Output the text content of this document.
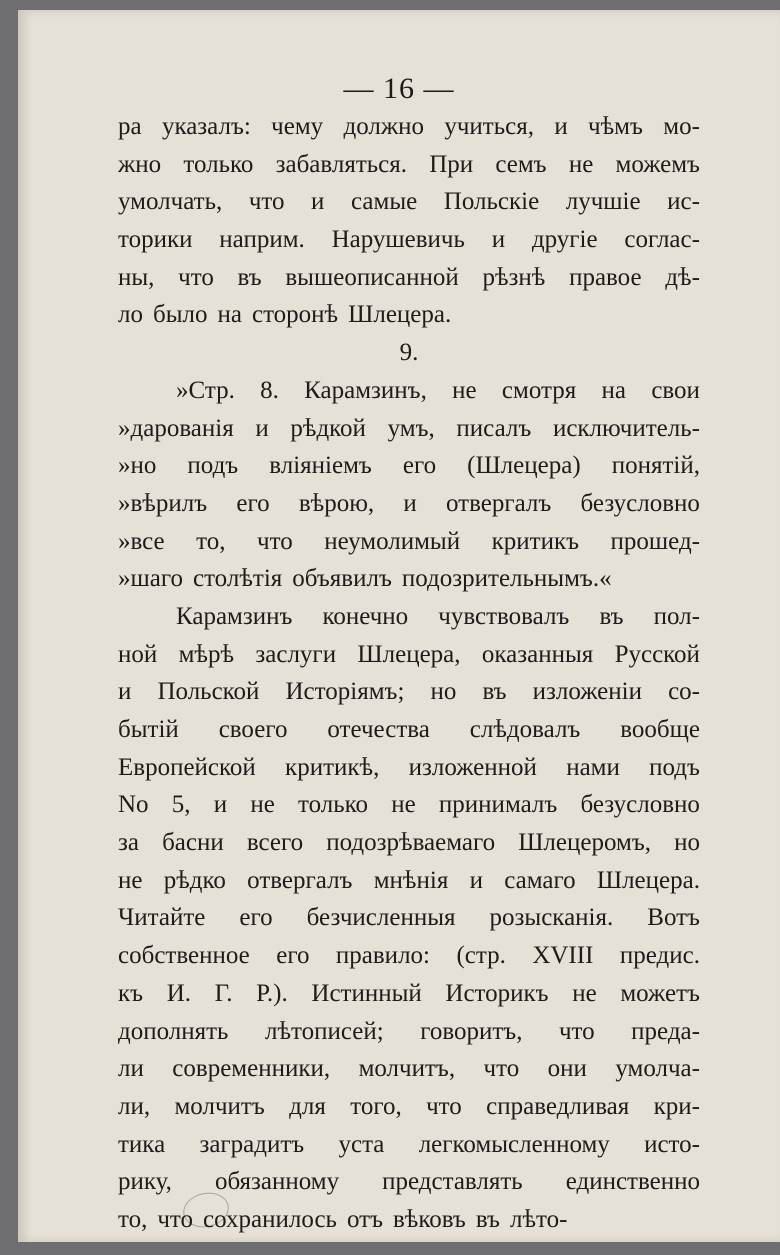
— 16 —
ра указалъ: чему должно учиться, и чѣмъ мо-
жно только забавляться. При семъ не можемъ
умолчать, что и самые Польскіе лучшіе ис-
торики наприм. Нарушевичь и другіе соглас-
ны, что въ вышеописанной рѣзнѣ правое дѣ-
ло было на сторонѣ Шлецера.
9.
»Стр. 8. Карамзинъ, не смотря на свои
»дарованія и рѣдкой умъ, писалъ исключитель-
»но подъ вліяніемъ его (Шлецера) понятій,
»вѣрилъ его вѣрою, и отвергалъ безусловно
»все то, что неумолимый критикъ прошед-
»шаго столѣтія объявилъ подозрительнымъ.«
Карамзинъ конечно чувствовалъ въ пол-
ной мѣрѣ заслуги Шлецера, оказанныя Русской
и Польской Исторіямъ; но въ изложеніи со-
бытій своего отечества слѣдовалъ вообще
Европейской критикѣ, изложенной нами подъ
No 5, и не только не принималъ безусловно
за басни всего подозрѣваемаго Шлецеромъ, но
не рѣдко отвергалъ мнѣнія и самаго Шлецера.
Читайте его безчисленныя розысканія. Вотъ
собственное его правило: (стр. XVIII предис.
къ И. Г. Р.). Истинный Историкъ не можетъ
дополнять лѣтописей; говоритъ, что преда-
ли современники, молчитъ, что они умолча-
ли, молчитъ для того, что справедливая кри-
тика заградитъ уста легкомысленному исто-
рику, обязанному представлять единственно
то, что сохранилось отъ вѣковъ въ лѣто-
